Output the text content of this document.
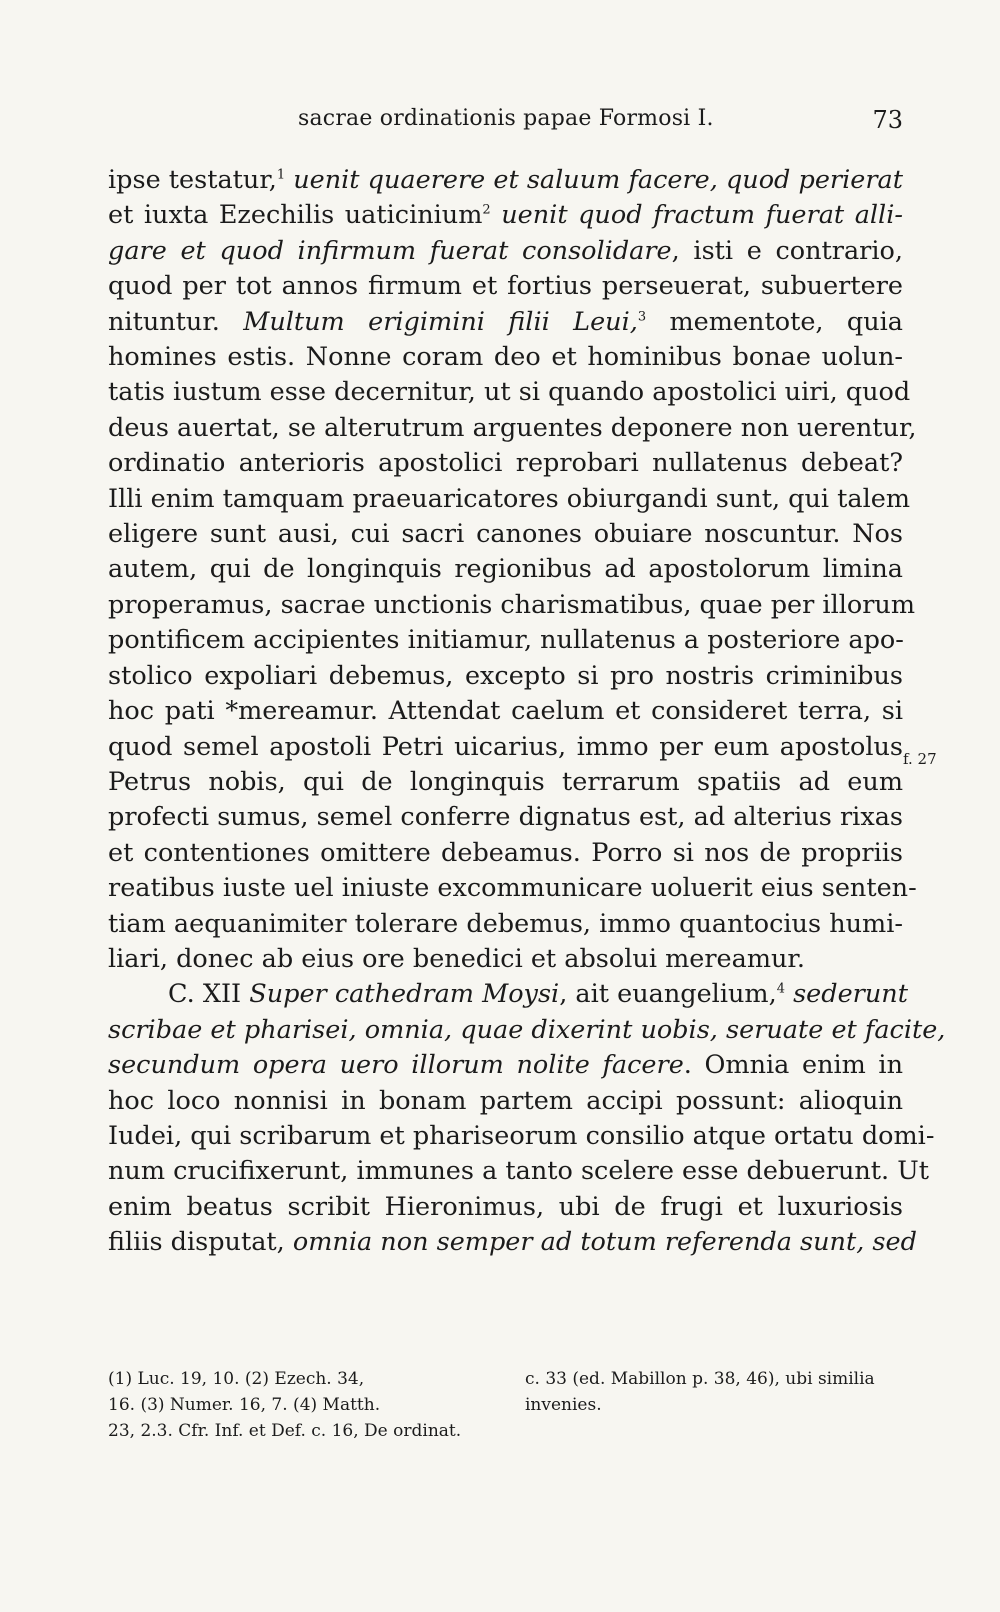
sacrae ordinationis papae Formosi I.	73
ipse testatur,$^1$ uenit quaerere et saluum facere, quod perierat
et iuxta Ezechilis uaticinium$^2$ uenit quod fractum fuerat alli-
gare et quod infirmum fuerat consolidare, isti e contrario,
quod per tot annos firmum et fortius perseuerat, subuertere
nituntur. Multum erigimini filii Leui,$^3$ mementote, quia
homines estis. Nonne coram deo et hominibus bonae uolun-
tatis iustum esse decernitur, ut si quando apostolici uiri, quod
deus auertat, se alterutrum arguentes deponere non uerentur,
ordinatio anterioris apostolici reprobari nullatenus debeat?
Illi enim tamquam praeuaricatores obiurgandi sunt, qui talem
eligere sunt ausi, cui sacri canones obuiare noscuntur. Nos
autem, qui de longinquis regionibus ad apostolorum limina
properamus, sacrae unctionis charismatibus, quae per illorum
pontificem accipientes initiamur, nullatenus a posteriore apo-
stolico expoliari debemus, excepto si pro nostris criminibus
hoc pati *mereamur. Attendat caelum et consideret terra, si
quod semel apostoli Petri uicarius, immo per eum apostolus
Petrus nobis, qui de longinquis terrarum spatiis ad eum
profecti sumus, semel conferre dignatus est, ad alterius rixas
et contentiones omittere debeamus. Porro si nos de propriis
reatibus iuste uel iniuste excommunicare uoluerit eius senten-
tiam aequanimiter tolerare debemus, immo quantocius humi-
liari, donec ab eius ore benedici et absolui mereamur.
C. XII Super cathedram Moysi, ait euangelium,$^4$ sederunt
scribae et pharisei, omnia, quae dixerint uobis, seruate et facite,
secundum opera uero illorum nolite facere. Omnia enim in
hoc loco nonnisi in bonam partem accipi possunt: alioquin
Iudei, qui scribarum et phariseorum consilio atque ortatu domi-
num crucifixerunt, immunes a tanto scelere esse debuerunt. Ut
enim beatus scribit Hieronimus, ubi de frugi et luxuriosis
filiis disputat, omnia non semper ad totum referenda sunt, sed
f. 27
(1) Luc. 19, 10. (2) Ezech. 34,
16. (3) Numer. 16, 7. (4) Matth.
23, 2.3. Cfr. Inf. et Def. c. 16, De ordinat.
c. 33 (ed. Mabillon p. 38, 46), ubi similia
invenies.
